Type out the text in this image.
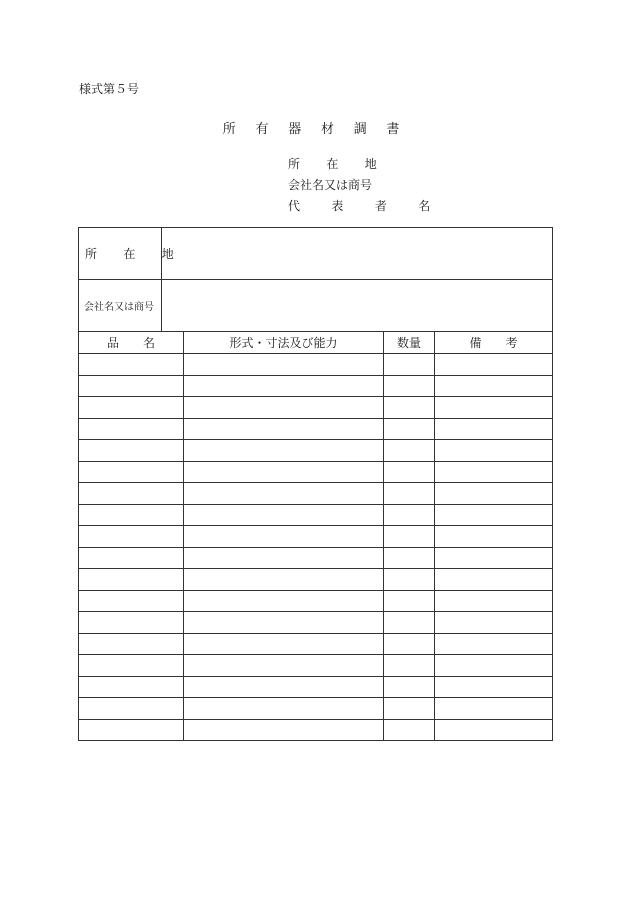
様式第５号
所 有 器 材 調 書
所　在　地
会社名又は商号
代 表 者 名
所　在　地				
会社名又は商号				
品　　名		形式・寸法及び能力	数量	備　　考
